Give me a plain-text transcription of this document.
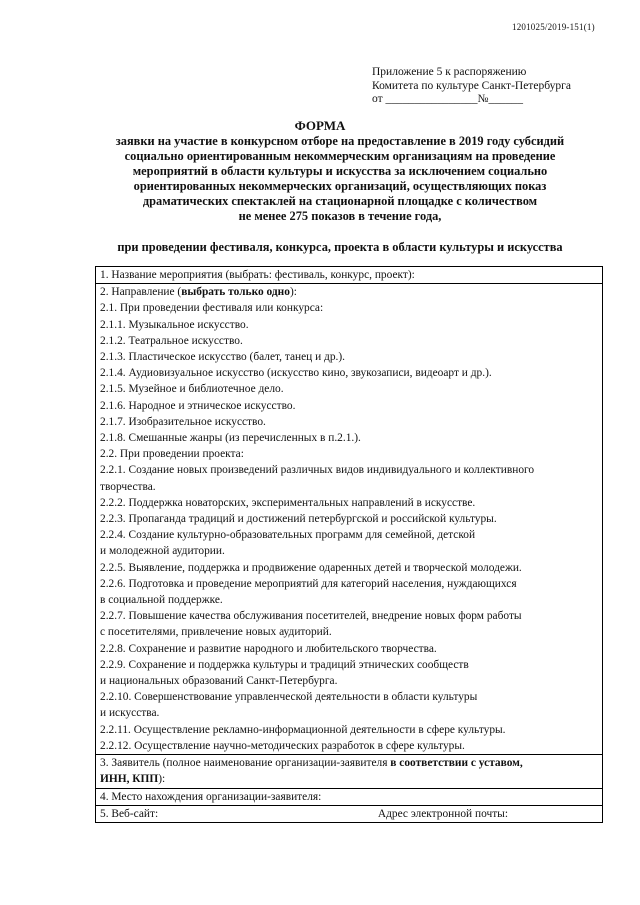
1201025/2019-151(1)
Приложение 5 к распоряжению
Комитета по культуре Санкт-Петербурга
от ________________№______
ФОРМА
заявки на участие в конкурсном отборе на предоставление в 2019 году субсидий
социально ориентированным некоммерческим организациям на проведение
мероприятий в области культуры и искусства за исключением социально
ориентированных некоммерческих организаций, осуществляющих показ
драматических спектаклей на стационарной площадке с количеством
не менее 275 показов в течение года,
при проведении фестиваля, конкурса, проекта в области культуры и искусства
1. Название мероприятия (выбрать: фестиваль, конкурс, проект):

2. Направление (выбрать только одно):
2.1. При проведении фестиваля или конкурса:
2.1.1. Музыкальное искусство.
2.1.2. Театральное искусство.
2.1.3. Пластическое искусство (балет, танец и др.).
2.1.4. Аудиовизуальное искусство (искусство кино, звукозаписи, видеоарт и др.).
2.1.5. Музейное и библиотечное дело.
2.1.6. Народное и этническое искусство.
2.1.7. Изобразительное искусство.
2.1.8. Смешанные жанры (из перечисленных в п.2.1.).
2.2. При проведении проекта:
2.2.1. Создание новых произведений различных видов индивидуального и коллективного
творчества.
2.2.2. Поддержка новаторских, экспериментальных направлений в искусстве.
2.2.3. Пропаганда традиций и достижений петербургской и российской культуры.
2.2.4. Создание культурно-образовательных программ для семейной, детской
и молодежной аудитории.
2.2.5. Выявление, поддержка и продвижение одаренных детей и творческой молодежи.
2.2.6. Подготовка и проведение мероприятий для категорий населения, нуждающихся
в социальной поддержке.
2.2.7. Повышение качества обслуживания посетителей, внедрение новых форм работы
с посетителями, привлечение новых аудиторий.
2.2.8. Сохранение и развитие народного и любительского творчества.
2.2.9. Сохранение и поддержка культуры и традиций этнических сообществ
и национальных образований Санкт-Петербурга.
2.2.10. Совершенствование управленческой деятельности в области культуры
и искусства.
2.2.11. Осуществление рекламно-информационной деятельности в сфере культуры.
2.2.12. Осуществление научно-методических разработок в сфере культуры.

3. Заявитель (полное наименование организации-заявителя в соответствии с уставом,
ИНН, КПП):

4. Место нахождения организации-заявителя:

5. Веб-сайт:	Адрес электронной почты:
